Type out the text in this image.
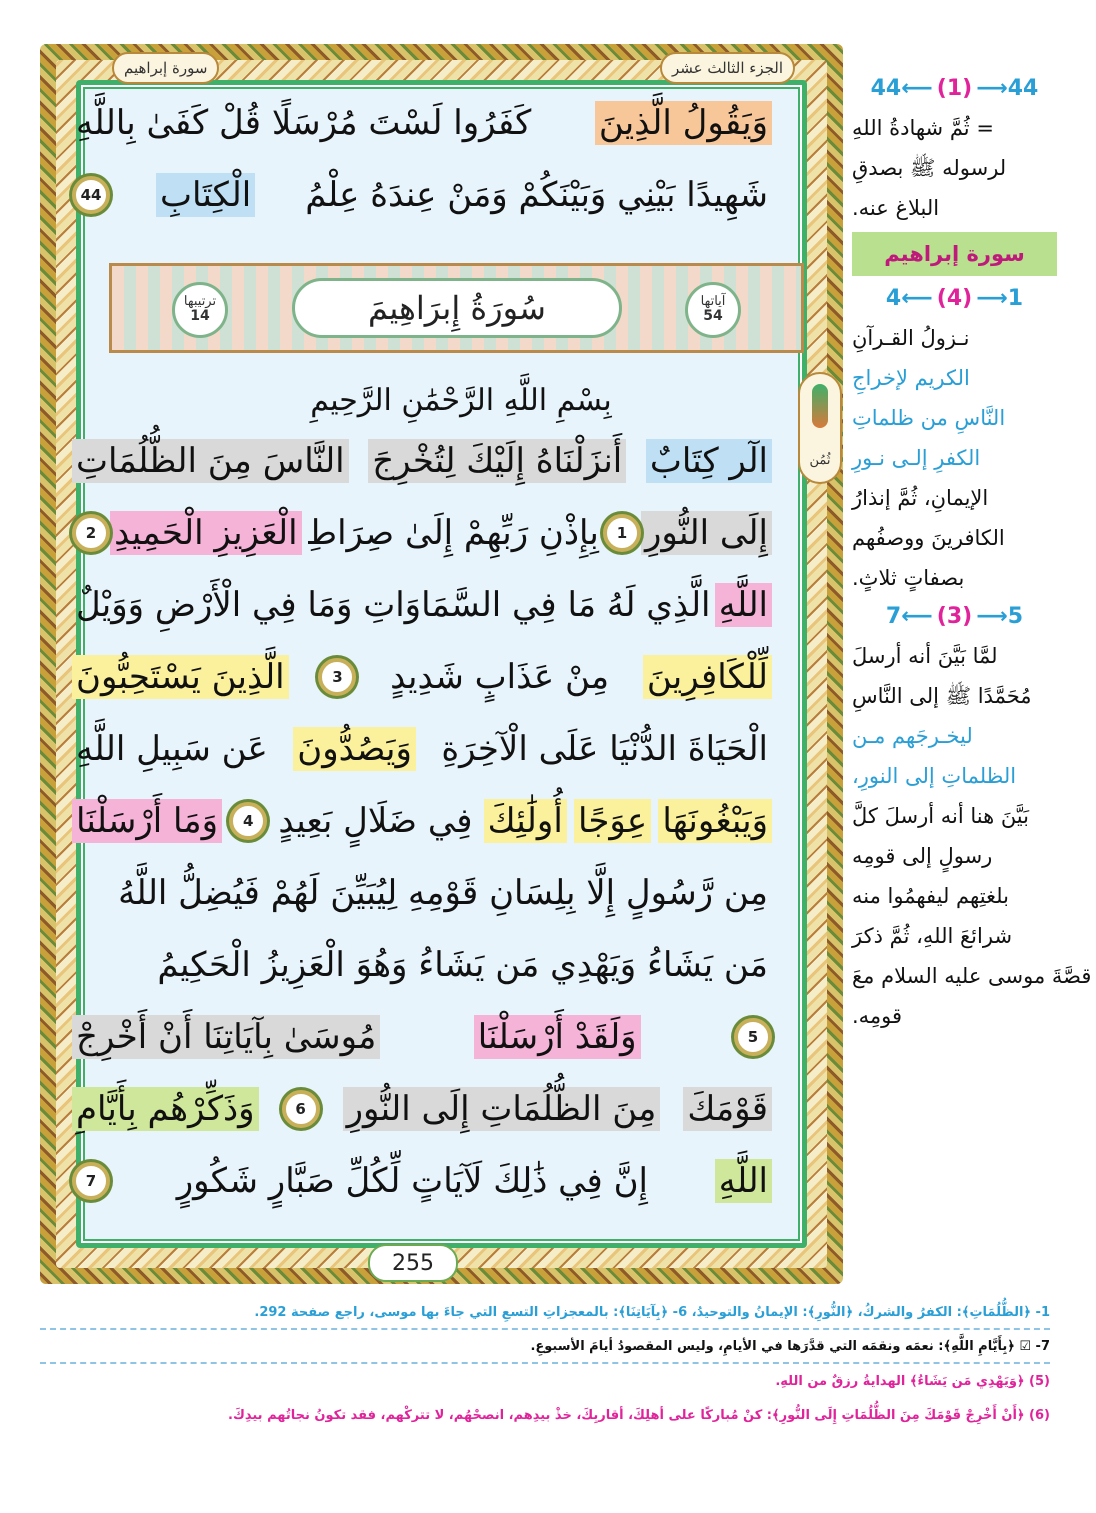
وَيَقُولُ الَّذِينَ
كَفَرُوا لَسْتَ مُرْسَلًا قُلْ كَفَىٰ بِاللَّهِ
شَهِيدًا بَيْنِي وَبَيْنَكُمْ وَمَنْ عِندَهُ عِلْمُ
الْكِتَابِ
44
آياتها
54
سُورَةُ إِبرَاهِيمَ
ترتيبها
14
بِسْمِ اللَّهِ الرَّحْمَٰنِ الرَّحِيمِ
الٓر كِتَابٌ
أَنزَلْنَاهُ إِلَيْكَ لِتُخْرِجَ
النَّاسَ مِنَ الظُّلُمَاتِ
إِلَى النُّورِ
1
بِإِذْنِ رَبِّهِمْ إِلَىٰ صِرَاطِ
الْعَزِيزِ الْحَمِيدِ
2
اللَّهِ
الَّذِي لَهُ مَا فِي السَّمَاوَاتِ وَمَا فِي الْأَرْضِ وَوَيْلٌ
لِّلْكَافِرِينَ
مِنْ عَذَابٍ شَدِيدٍ
3
الَّذِينَ يَسْتَحِبُّونَ
الْحَيَاةَ الدُّنْيَا عَلَى الْآخِرَةِ
وَيَصُدُّونَ
عَن سَبِيلِ اللَّهِ
وَيَبْغُونَهَا
عِوَجًا
أُولَٰئِكَ
فِي ضَلَالٍ بَعِيدٍ
4
وَمَا أَرْسَلْنَا
مِن رَّسُولٍ إِلَّا بِلِسَانِ قَوْمِهِ لِيُبَيِّنَ لَهُمْ فَيُضِلُّ اللَّهُ
مَن يَشَاءُ وَيَهْدِي مَن يَشَاءُ وَهُوَ الْعَزِيزُ الْحَكِيمُ
5
وَلَقَدْ أَرْسَلْنَا
مُوسَىٰ بِآيَاتِنَا أَنْ أَخْرِجْ
قَوْمَكَ
مِنَ الظُّلُمَاتِ إِلَى النُّورِ
6
وَذَكِّرْهُم بِأَيَّامِ
اللَّهِ
إِنَّ فِي ذَٰلِكَ لَآيَاتٍ لِّكُلِّ صَبَّارٍ شَكُورٍ
7
الجزء الثالث عشر
سورة إبراهيم
255
ثُمُن
44 ⟵ (1) ⟶ 44
= ثُمَّ شهادةُ اللهِ
لرسوله ﷺ بصدقِ
البلاغ عنه.
سورة إبراهيم
4 ⟵ (4) ⟶ 1
نـزولُ القـرآنِ
الكريم لإخراجِ
النَّاسِ من ظلماتِ
الكفرِ إلـى نـورِ
الإيمانِ، ثُمَّ إنذارُ
الكافرينَ ووصفُهم
بصفاتٍ ثلاثٍ.
7 ⟵ (3) ⟶ 5
لمَّا بَيَّنَ أنه أرسلَ
مُحَمَّدًا ﷺ إلى النَّاسِ
ليخـرجَهم مـن
الظلماتِ إلى النورِ،
بَيَّنَ هنا أنه أرسلَ كلَّ
رسولٍ إلى قومِه
بلغتِهم ليفهمُوا منه
شرائعَ اللهِ، ثُمَّ ذكرَ
قصَّةَ موسى عليه السلام معَ
قومِه.
1- ﴿الظُّلُمَاتِ﴾: الكفرُ والشركُ، ﴿النُّورِ﴾: الإيمانُ والتوحيدُ، 6- ﴿بِآيَاتِنَا﴾: بالمعجزاتِ التسعِ التي جاءَ بها موسى، راجع صفحة 292.
7- ☑ ﴿بِأَيَّامِ اللَّهِ﴾: نعمَه ونقمَه التي قدَّرَها في الأيامِ، وليس المقصودُ أيامَ الأسبوعِ.
(5) ﴿وَيَهْدِي مَن يَشَاءُ﴾ الهدايةُ رزقٌ من اللهِ.
(6) ﴿أَنْ أَخْرِجْ قَوْمَكَ مِنَ الظُّلُمَاتِ إِلَى النُّورِ﴾: كنْ مُباركًا على أهلِكَ، أقاربِكَ، خذْ بيدِهم، انصحْهُم، لا تتركْهم، فقد تكونُ نجاتُهم بيدِكَ.
